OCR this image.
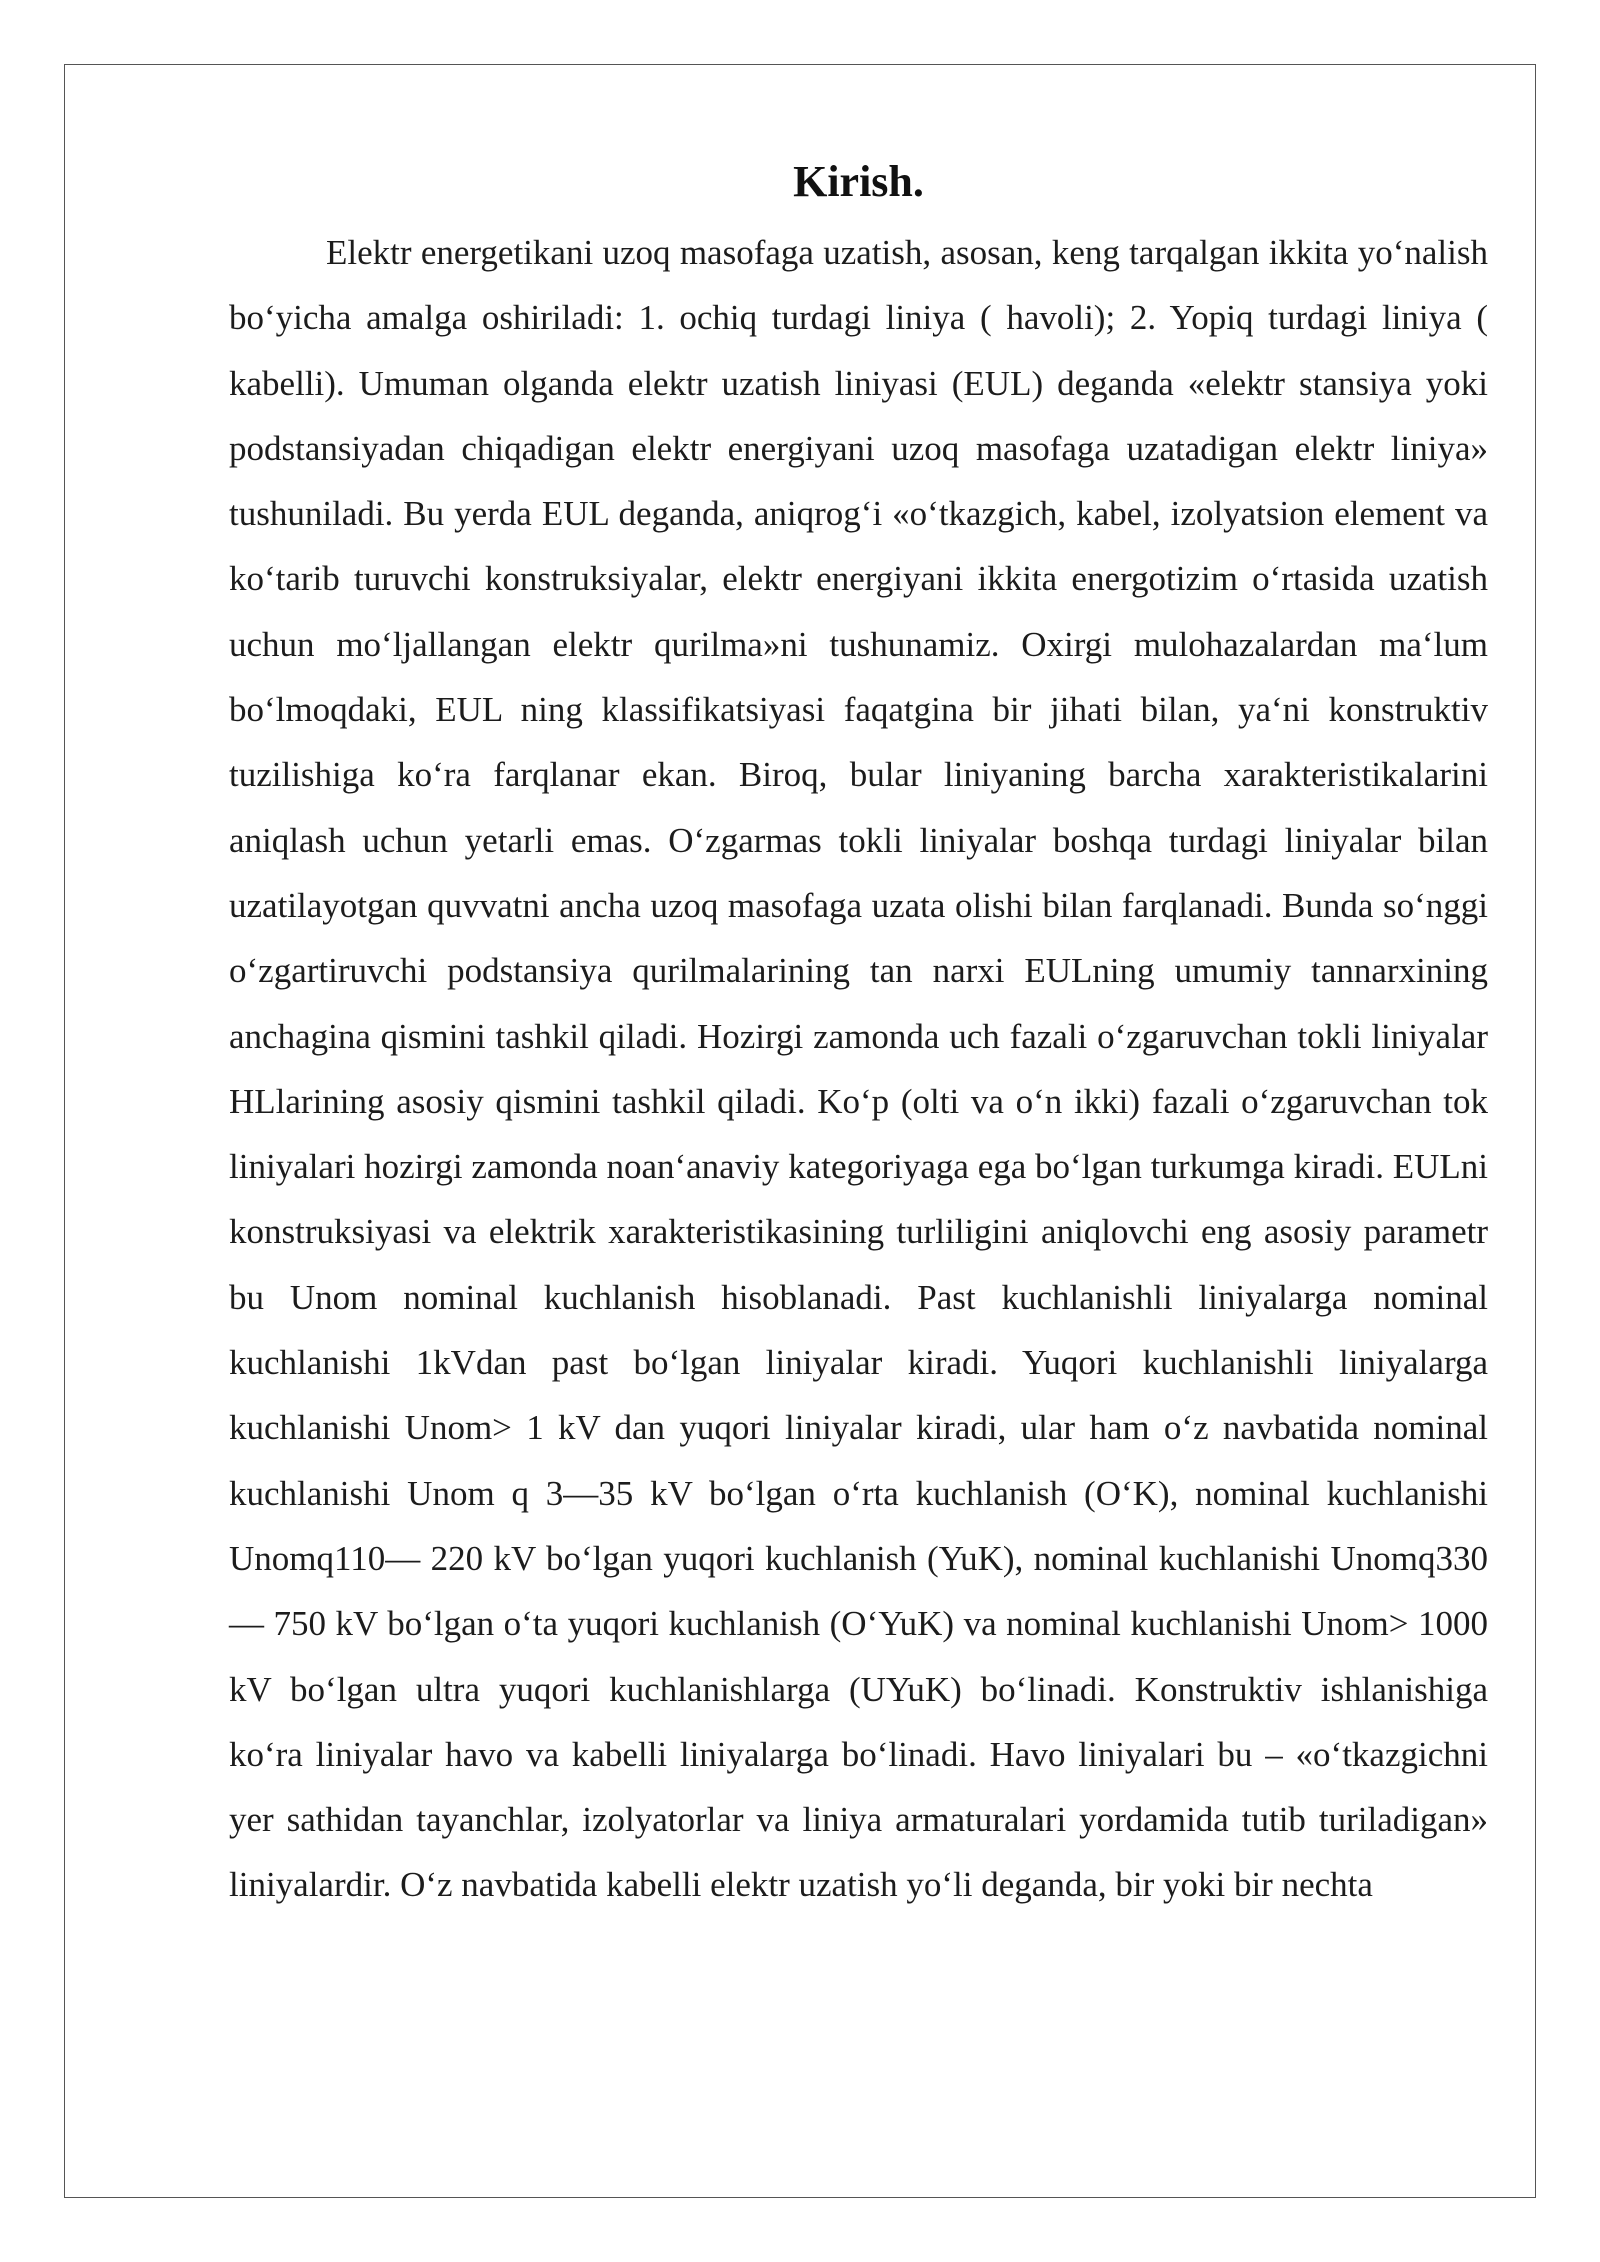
Kirish.

Elektr energetikani uzoq masofaga uzatish, asosan, keng tarqalgan ikkita yoʻnalish boʻyicha amalga oshiriladi: 1. ochiq turdagi liniya ( havoli); 2. Yopiq turdagi liniya ( kabelli). Umuman olganda elektr uzatish liniyasi (EUL) deganda «elektr stansiya yoki podstansiyadan chiqadigan elektr energiyani uzoq masofaga uzatadigan elektr liniya» tushuniladi. Bu yerda EUL deganda, aniqrogʻi «oʻtkazgich, kabel, izolyatsion element va koʻtarib turuvchi konstruksiyalar, elektr energiyani ikkita energotizim oʻrtasida uzatish uchun moʻljallangan elektr qurilma»ni tushunamiz. Oxirgi mulohazalardan maʻlum boʻlmoqdaki, EUL ning klassifikatsiyasi faqatgina bir jihati bilan, yaʻni konstruktiv tuzilishiga koʻra farqlanar ekan. Biroq, bular liniyaning barcha xarakteristikalarini aniqlash uchun yetarli emas. Oʻzgarmas tokli liniyalar boshqa turdagi liniyalar bilan uzatilayotgan quvvatni ancha uzoq masofaga uzata olishi bilan farqlanadi. Bunda soʻnggi oʻzgartiruvchi podstansiya qurilmalarining tan narxi EULning umumiy tannarxining anchagina qismini tashkil qiladi. Hozirgi zamonda uch fazali oʻzgaruvchan tokli liniyalar HLlarining asosiy qismini tashkil qiladi. Koʻp (olti va oʻn ikki) fazali oʻzgaruvchan tok liniyalari hozirgi zamonda noanʻanaviy kategoriyaga ega boʻlgan turkumga kiradi. EULni konstruksiyasi va elektrik xarakteristikasining turliligini aniqlovchi eng asosiy parametr bu Unom nominal kuchlanish hisoblanadi. Past kuchlanishli liniyalarga nominal kuchlanishi 1kVdan past boʻlgan liniyalar kiradi. Yuqori kuchlanishli liniyalarga kuchlanishi Unom> 1 kV dan yuqori liniyalar kiradi, ular ham oʻz navbatida nominal kuchlanishi Unom q 3—35 kV boʻlgan oʻrta kuchlanish (OʻK), nominal kuchlanishi Unomq110— 220 kV boʻlgan yuqori kuchlanish (YuK), nominal kuchlanishi Unomq330— 750 kV boʻlgan oʻta yuqori kuchlanish (OʻYuK) va nominal kuchlanishi Unom> 1000 kV boʻlgan ultra yuqori kuchlanishlarga (UYuK) boʻlinadi. Konstruktiv ishlanishiga koʻra liniyalar havo va kabelli liniyalarga boʻlinadi. Havo liniyalari bu – «oʻtkazgichni yer sathidan tayanchlar, izolyatorlar va liniya armaturalari yordamida tutib turiladigan» liniyalardir. Oʻz navbatida kabelli elektr uzatish yoʻli deganda, bir yoki bir nechta
